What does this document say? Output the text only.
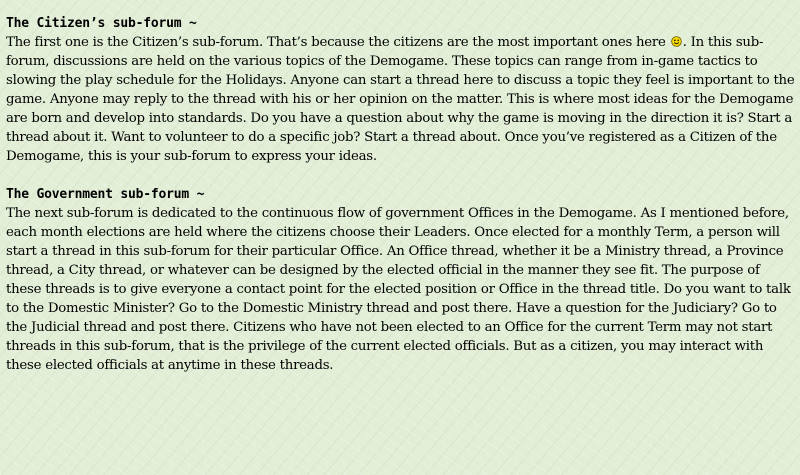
The Citizen’s sub-forum ~
The first one is the Citizen’s sub-forum. That’s because the citizens are the most important ones here . In this sub-forum, discussions are held on the various topics of the Demogame. These topics can range from in-game tactics to slowing the play schedule for the Holidays. Anyone can start a thread here to discuss a topic they feel is important to the game. Anyone may reply to the thread with his or her opinion on the matter. This is where most ideas for the Demogame are born and develop into standards. Do you have a question about why the game is moving in the direction it is? Start a thread about it. Want to volunteer to do a specific job? Start a thread about. Once you’ve registered as a Citizen of the Demogame, this is your sub-forum to express your ideas.
The Government sub-forum ~
The next sub-forum is dedicated to the continuous flow of government Offices in the Demogame. As I mentioned before, each month elections are held where the citizens choose their Leaders. Once elected for a monthly Term, a person will start a thread in this sub-forum for their particular Office. An Office thread, whether it be a Ministry thread, a Province thread, a City thread, or whatever can be designed by the elected official in the manner they see fit. The purpose of these threads is to give everyone a contact point for the elected position or Office in the thread title. Do you want to talk to the Domestic Minister? Go to the Domestic Ministry thread and post there. Have a question for the Judiciary? Go to the Judicial thread and post there. Citizens who have not been elected to an Office for the current Term may not start threads in this sub-forum, that is the privilege of the current elected officials. But as a citizen, you may interact with these elected officials at anytime in these threads.
